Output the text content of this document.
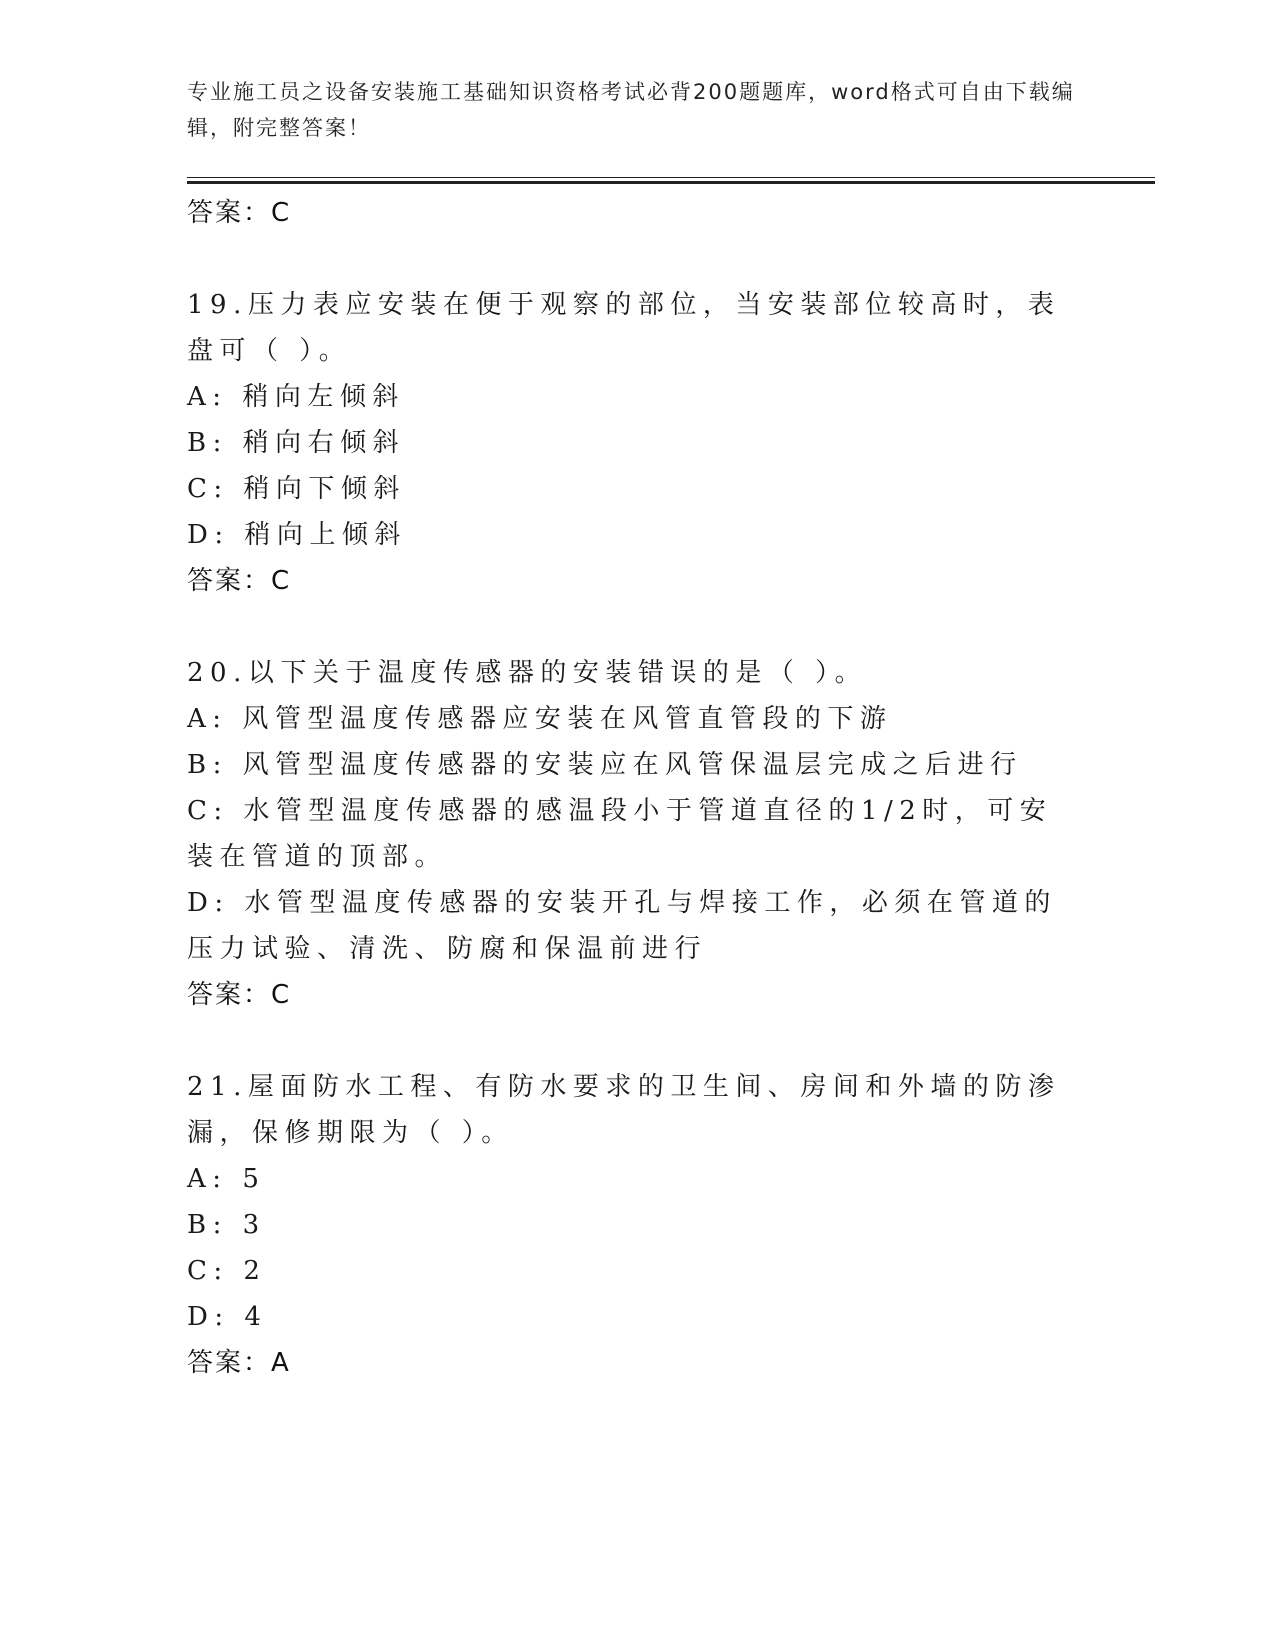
专业施工员之设备安装施工基础知识资格考试必背200题题库，word格式可自由下载编辑，附完整答案！
答案：C
19.压力表应安装在便于观察的部位，当安装部位较高时，表盘可（ ）。
A: 稍向左倾斜
B: 稍向右倾斜
C: 稍向下倾斜
D: 稍向上倾斜
答案：C
20.以下关于温度传感器的安装错误的是（ ）。
A: 风管型温度传感器应安装在风管直管段的下游
B: 风管型温度传感器的安装应在风管保温层完成之后进行
C: 水管型温度传感器的感温段小于管道直径的1/2时，可安装在管道的顶部。
D: 水管型温度传感器的安装开孔与焊接工作，必须在管道的压力试验、清洗、防腐和保温前进行
答案：C
21.屋面防水工程、有防水要求的卫生间、房间和外墙的防渗漏，保修期限为（ ）。
A: 5
B: 3
C: 2
D: 4
答案：A
